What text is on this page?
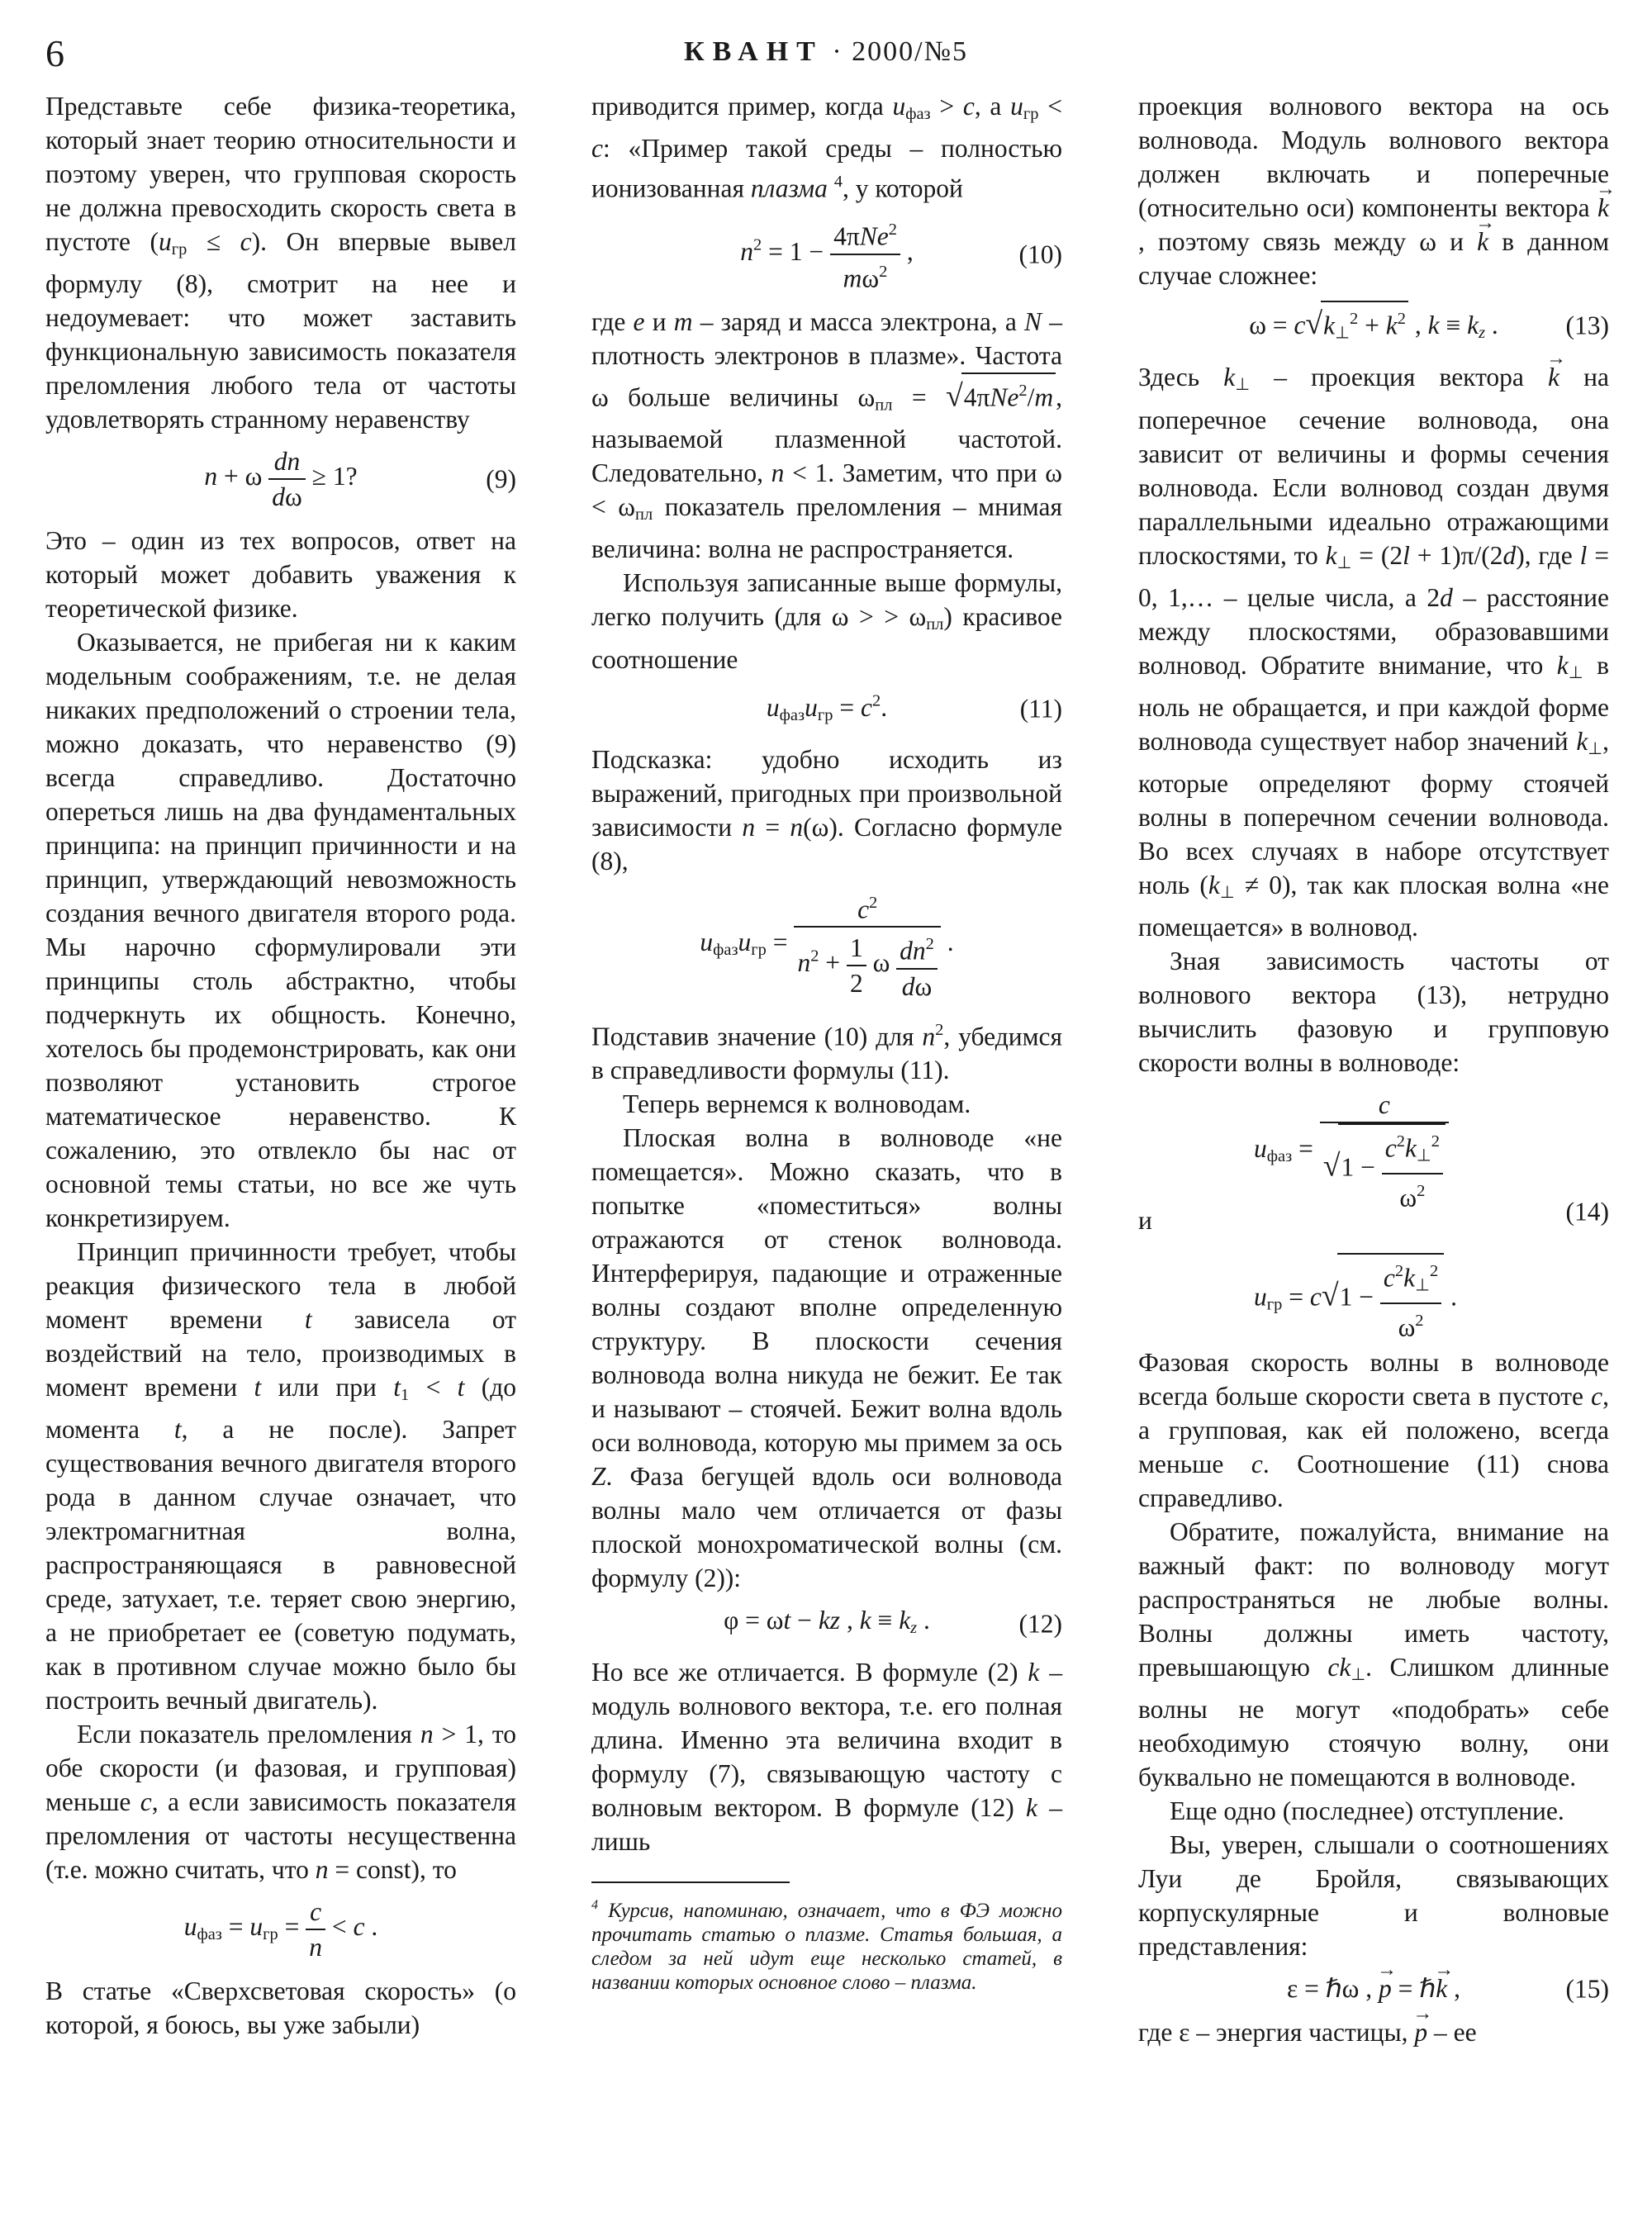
6	КВАНТ · 2000/№5

Представьте себе физика-теоретика, который знает теорию относительности и поэтому уверен, что групповая скорость не должна превосходить скорость света в пустоте $(u_{гр} \le c)$. Он впервые вывел формулу (8), смотрит на нее и недоумевает: что может заставить функциональную зависимость показателя преломления любого тела от частоты удовлетворять странному неравенству

n + ω $\frac{dn}{d\omega} \ge 1$?	(9)

Это – один из тех вопросов, ответ на который может добавить уважения к теоретической физике.

Оказывается, не прибегая ни к каким модельным соображениям, т.е. не делая никаких предположений о строении тела, можно доказать, что неравенство (9) всегда справедливо. Достаточно опереться лишь на два фундаментальных принципа: на принцип причинности и на принцип, утверждающий невозможность создания вечного двигателя второго рода. Мы нарочно сформулировали эти принципы столь абстрактно, чтобы подчеркнуть их общность. Конечно, хотелось бы продемонстрировать, как они позволяют установить строгое математическое неравенство. К сожалению, это отвлекло бы нас от основной темы статьи, но все же чуть конкретизируем.

Принцип причинности требует, чтобы реакция физического тела в любой момент времени t зависела от воздействий на тело, производимых в момент времени t или при $t_1 < t$ (до момента t, а не после). Запрет существования вечного двигателя второго рода в данном случае означает, что электромагнитная волна, распространяющаяся в равновесной среде, затухает, т.е. теряет свою энергию, а не приобретает ее (советую подумать, как в противном случае можно было бы построить вечный двигатель).

Если показатель преломления n > 1, то обе скорости (и фазовая, и групповая) меньше c, а если зависимость показателя преломления от частоты несущественна (т.е. можно считать, что n = const), то

$u_{фаз} = u_{гр} = \frac{c}{n} < c$ .

В статье «Сверхсветовая скорость» (о которой, я боюсь, вы уже забыли)

приводится пример, когда $u_{фаз} > c$, а $u_{гр} < c$: «Пример такой среды – полностью ионизованная плазма $^4$, у которой

$n^2 = 1 - \frac{4\pi Ne^2}{m\omega^2}$ ,	(10)

где e и m – заряд и масса электрона, а N – плотность электронов в плазме». Частота ω больше величины $\omega_{пл} = √4\pi Ne^2/m$, называемой плазменной частотой. Следовательно, n < 1. Заметим, что при $\omega < \omega_{пл}$ показатель преломления – мнимая величина: волна не распространяется.

Используя записанные выше формулы, легко получить (для ω > > $\omega_{пл}$) красивое соотношение

$u_{фаз}u_{гр} = c^2$.	(11)

Подсказка: удобно исходить из выражений, пригодных при произвольной зависимости n = n(ω). Согласно формуле (8),

$u_{фаз}u_{гр} = \frac{c^2}{n^2 + \frac{1}{2} \omega \frac{dn^2}{d\omega}}$ .

Подставив значение (10) для $n^2$, убедимся в справедливости формулы (11).

Теперь вернемся к волноводам.

Плоская волна в волноводе «не помещается». Можно сказать, что в попытке «поместиться» волны отражаются от стенок волновода. Интерферируя, падающие и отраженные волны создают вполне определенную структуру. В плоскости сечения волновода волна никуда не бежит. Ее так и называют – стоячей. Бежит волна вдоль оси волновода, которую мы примем за ось Z. Фаза бегущей вдоль оси волновода волны мало чем отличается от фазы плоской монохроматической волны (см. формулу (2)):

φ = ωt − kz , $k \equiv k_z$ .	(12)

Но все же отличается. В формуле (2) k – модуль волнового вектора, т.е. его полная длина. Именно эта величина входит в формулу (7), связывающую частоту с волновым вектором. В формуле (12) k – лишь

$^4$ Курсив, напоминаю, означает, что в ФЭ можно прочитать статью о плазме. Статья большая, а следом за ней идут еще несколько статей, в названии которых основное слово – плазма.

проекция волнового вектора на ось волновода. Модуль волнового вектора должен включать и поперечные (относительно оси) компоненты вектора → k, поэтому связь между ω и → k в данном случае сложнее:

$\omega = c√k_\perp^2 + k^2$ , $k \equiv k_z$ .	(13)

Здесь $k_\perp$ – проекция вектора → k на поперечное сечение волновода, она зависит от величины и формы сечения волновода. Если волновод создан двумя параллельными идеально отражающими плоскостями, то $k_\perp = (2l + 1)\pi/(2d)$, где l = 0, 1,… – целые числа, а 2d – расстояние между плоскостями, образовавшими волновод. Обратите внимание, что $k_\perp$ в ноль не обращается, и при каждой форме волновода существует набор значений $k_\perp$, которые определяют форму стоячей волны в поперечном сечении волновода. Во всех случаях в наборе отсутствует ноль $(k_\perp \ne 0)$, так как плоская волна «не помещается» в волновод.

Зная зависимость частоты от волнового вектора (13), нетрудно вычислить фазовую и групповую скорости волны в волноводе:

$u_{фаз} = \frac{c}{√1 - \frac{c^2k_\perp^2}{\omega^2}}$
и	(14)
$u_{гр} = c√1 - \frac{c^2k_\perp^2}{\omega^2}$ .

Фазовая скорость волны в волноводе всегда больше скорости света в пустоте c, а групповая, как ей положено, всегда меньше c. Соотношение (11) снова справедливо.

Обратите, пожалуйста, внимание на важный факт: по волноводу могут распространяться не любые волны. Волны должны иметь частоту, превышающую $ck_\perp$. Слишком длинные волны не могут «подобрать» себе необходимую стоячую волну, они буквально не помещаются в волноводе.

Еще одно (последнее) отступление.

Вы, уверен, слышали о соотношениях Луи де Бройля, связывающих корпускулярные и волновые представления:

ε = ℏω , → p = ℏ→ k ,	(15)

где ε – энергия частицы, → p – ее
